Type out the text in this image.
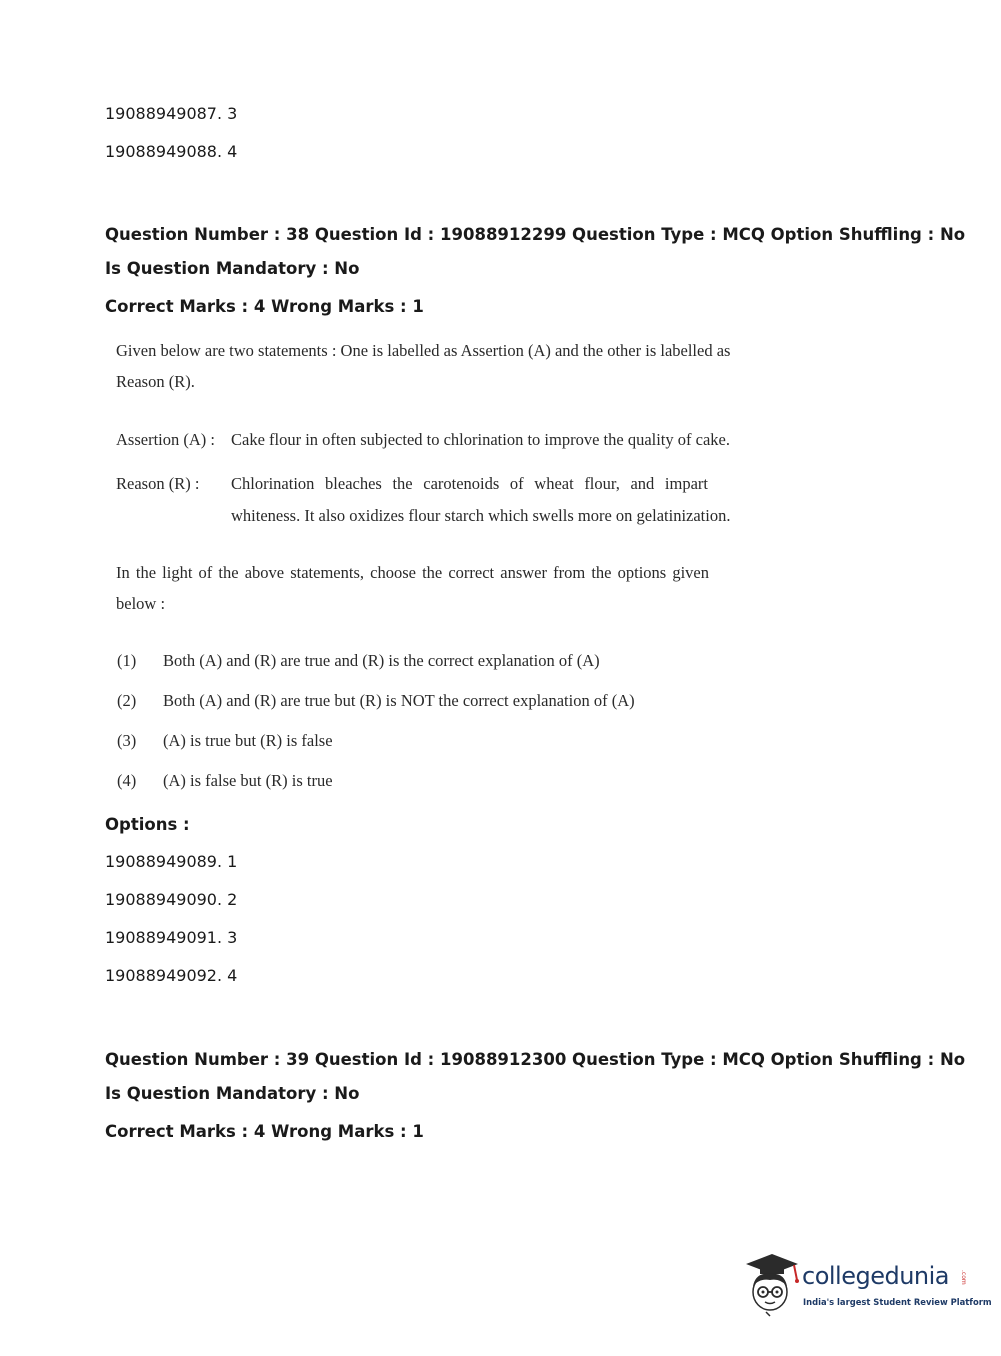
19088949087. 3
19088949088. 4
Question Number : 38 Question Id : 19088912299 Question Type : MCQ Option Shuffling : No
Is Question Mandatory : No
Correct Marks : 4 Wrong Marks : 1
Given below are two statements : One is labelled as Assertion (A) and the other is labelled as
Reason (R).
Assertion (A) : Cake flour in often subjected to chlorination to improve the quality of cake.
Reason (R) : Chlorination bleaches the carotenoids of wheat flour, and impart
whiteness. It also oxidizes flour starch which swells more on gelatinization.
In the light of the above statements, choose the correct answer from the options given
below :
(1) Both (A) and (R) are true and (R) is the correct explanation of (A)
(2) Both (A) and (R) are true but (R) is NOT the correct explanation of (A)
(3) (A) is true but (R) is false
(4) (A) is false but (R) is true
Options :
19088949089. 1
19088949090. 2
19088949091. 3
19088949092. 4
Question Number : 39 Question Id : 19088912300 Question Type : MCQ Option Shuffling : No
Is Question Mandatory : No
Correct Marks : 4 Wrong Marks : 1
collegedunia .com
India's largest Student Review Platform
